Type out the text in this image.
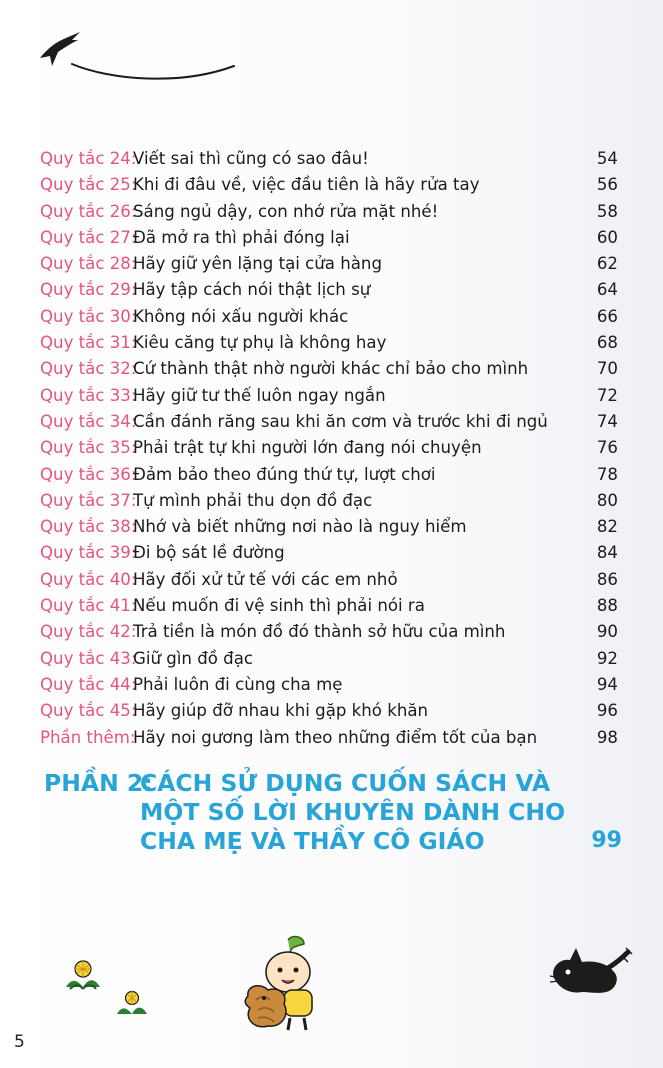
Quy tắc 24:
Viết sai thì cũng có sao đâu!	54
Quy tắc 25:
Khi đi đâu về, việc đầu tiên là hãy rửa tay	56
Quy tắc 26:
Sáng ngủ dậy, con nhớ rửa mặt nhé!	58
Quy tắc 27:
Đã mở ra thì phải đóng lại	60
Quy tắc 28:
Hãy giữ yên lặng tại cửa hàng	62
Quy tắc 29:
Hãy tập cách nói thật lịch sự	64
Quy tắc 30:
Không nói xấu người khác	66
Quy tắc 31:
Kiêu căng tự phụ là không hay	68
Quy tắc 32:
Cứ thành thật nhờ người khác chỉ bảo cho mình	70
Quy tắc 33:
Hãy giữ tư thế luôn ngay ngắn	72
Quy tắc 34:
Cần đánh răng sau khi ăn cơm và trước khi đi ngủ	74
Quy tắc 35:
Phải trật tự khi người lớn đang nói chuyện	76
Quy tắc 36:
Đảm bảo theo đúng thứ tự, lượt chơi	78
Quy tắc 37:
Tự mình phải thu dọn đồ đạc	80
Quy tắc 38:
Nhớ và biết những nơi nào là nguy hiểm	82
Quy tắc 39:
Đi bộ sát lề đường	84
Quy tắc 40:
Hãy đối xử tử tế với các em nhỏ	86
Quy tắc 41:
Nếu muốn đi vệ sinh thì phải nói ra	88
Quy tắc 42:
Trả tiền là món đồ đó thành sở hữu của mình	90
Quy tắc 43:
Giữ gìn đồ đạc	92
Quy tắc 44:
Phải luôn đi cùng cha mẹ	94
Quy tắc 45:
Hãy giúp đỡ nhau khi gặp khó khăn	96
Phần thêm:
Hãy noi gương làm theo những điểm tốt của bạn	98
PHẦN 2:
CÁCH SỬ DỤNG CUỐN SÁCH VÀ
MỘT SỐ LỜI KHUYÊN DÀNH CHO
CHA MẸ VÀ THẦY CÔ GIÁO	99
5
